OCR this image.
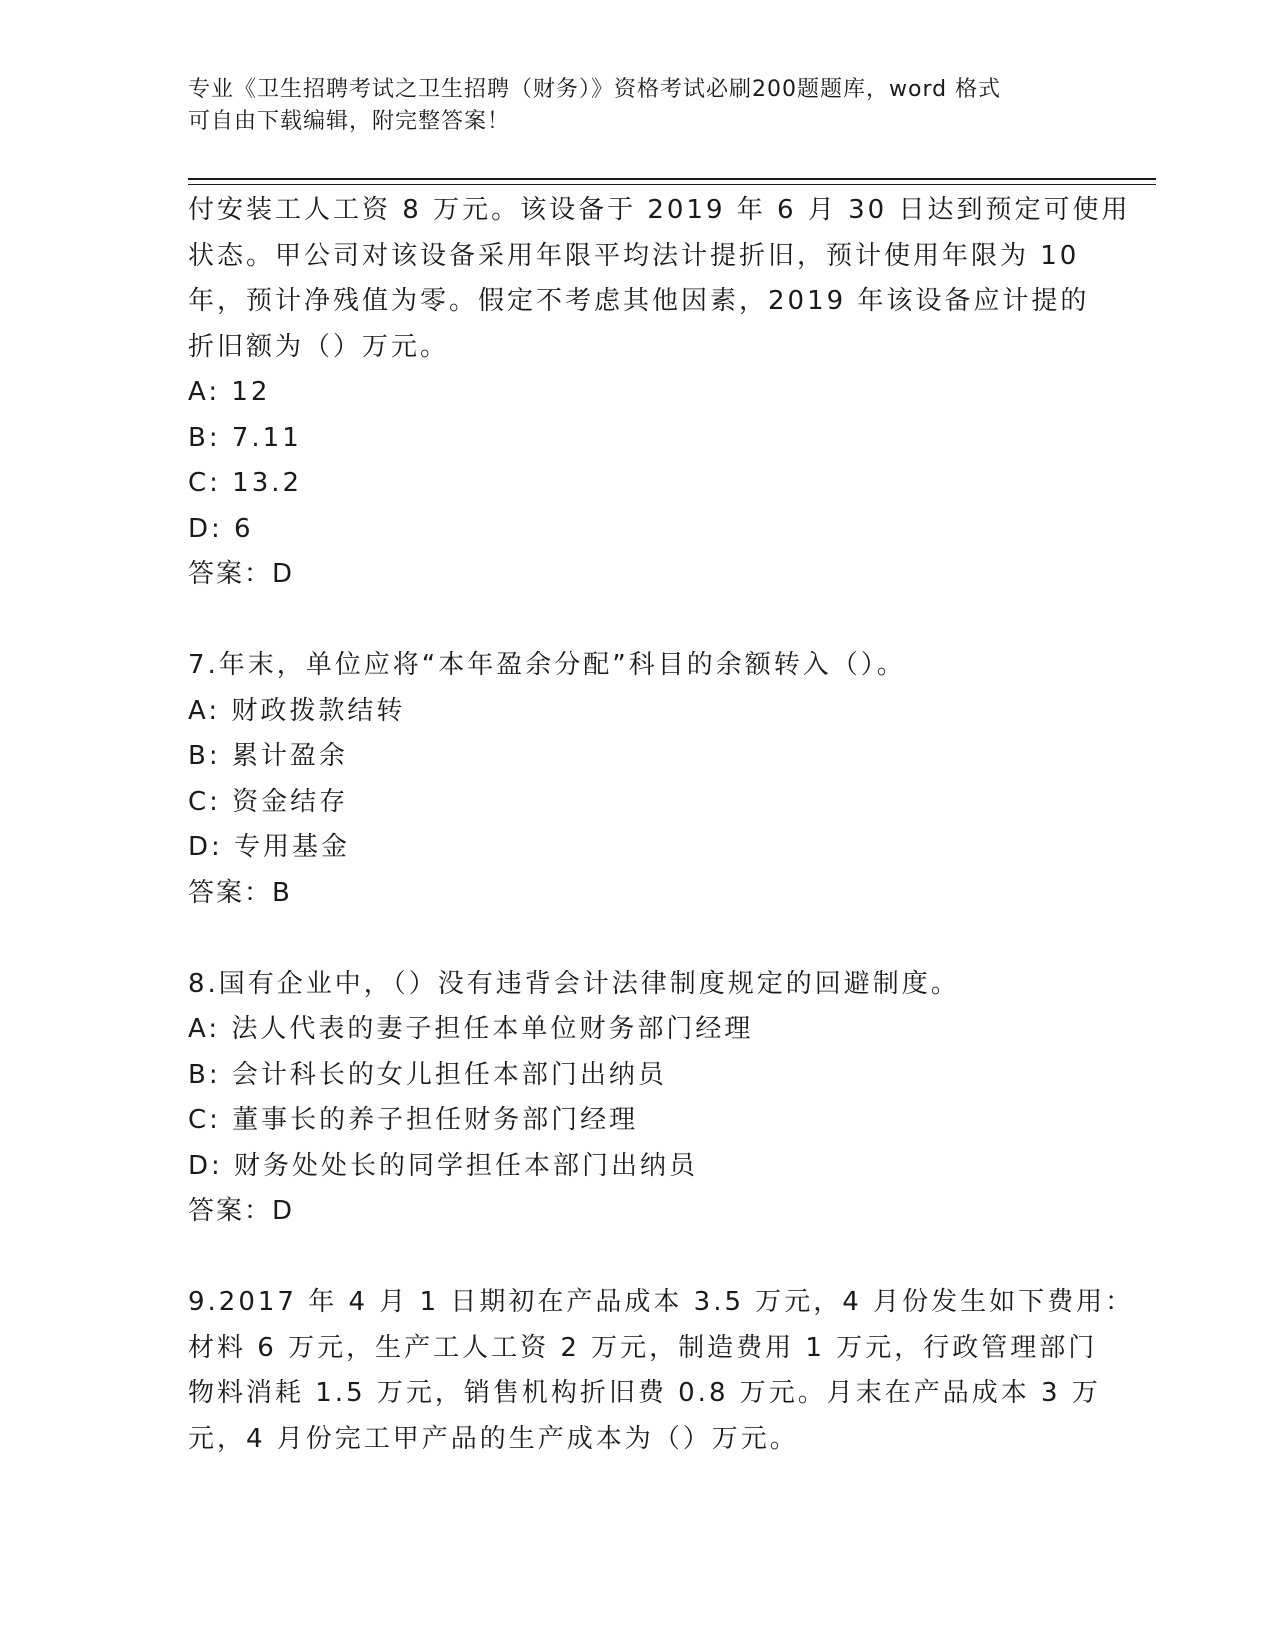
专业《卫生招聘考试之卫生招聘（财务）》资格考试必刷200题题库，word 格式
可自由下载编辑，附完整答案！
付安装工人工资 8 万元。该设备于 2019 年 6 月 30 日达到预定可使用
状态。甲公司对该设备采用年限平均法计提折旧，预计使用年限为 10
年，预计净残值为零。假定不考虑其他因素，2019 年该设备应计提的
折旧额为（）万元。
A: 12
B: 7.11
C: 13.2
D: 6
答案：D
7.年末，单位应将“本年盈余分配”科目的余额转入（）。
A: 财政拨款结转
B: 累计盈余
C: 资金结存
D: 专用基金
答案：B
8.国有企业中，（）没有违背会计法律制度规定的回避制度。
A: 法人代表的妻子担任本单位财务部门经理
B: 会计科长的女儿担任本部门出纳员
C: 董事长的养子担任财务部门经理
D: 财务处处长的同学担任本部门出纳员
答案：D
9.2017 年 4 月 1 日期初在产品成本 3.5 万元，4 月份发生如下费用：
材料 6 万元，生产工人工资 2 万元，制造费用 1 万元，行政管理部门
物料消耗 1.5 万元，销售机构折旧费 0.8 万元。月末在产品成本 3 万
元，4 月份完工甲产品的生产成本为（）万元。
